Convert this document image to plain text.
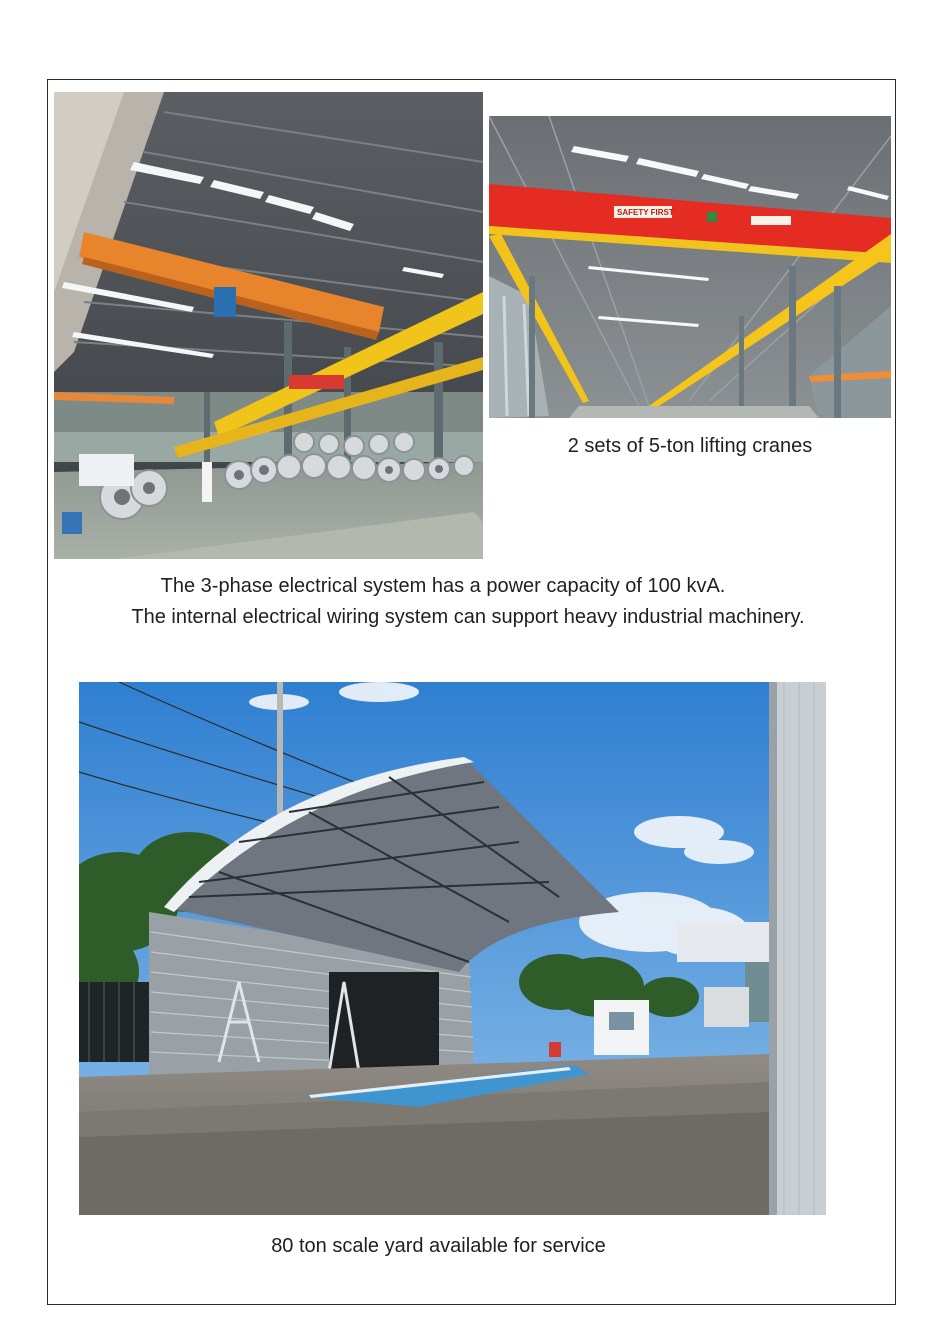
SAFETY FIRST
2 sets of 5-ton lifting cranes
The 3-phase electrical system has a power capacity of 100 kvA.
The internal electrical wiring system can support heavy industrial machinery.
80 ton scale yard available for service
